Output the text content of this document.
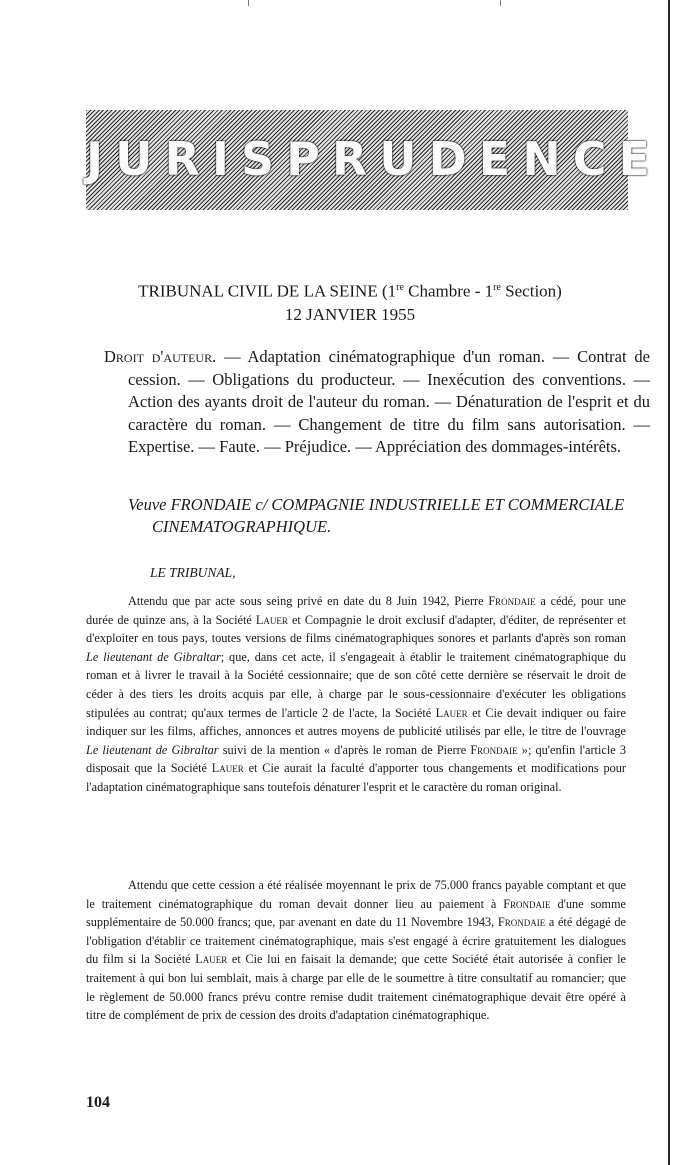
JURISPRUDENCE
TRIBUNAL CIVIL DE LA SEINE (1re Chambre - 1re Section)
12 JANVIER 1955
Droit d'auteur. — Adaptation cinématographique d'un roman. — Contrat de cession. — Obligations du producteur. — Inexécution des conventions. — Action des ayants droit de l'auteur du roman. — Dénaturation de l'esprit et du caractère du roman. — Changement de titre du film sans autorisation. — Expertise. — Faute. — Préjudice. — Appréciation des dommages-intérêts.
Veuve FRONDAIE c/ COMPAGNIE INDUSTRIELLE ET COMMERCIALE CINEMATOGRAPHIQUE.
LE TRIBUNAL,
Attendu que par acte sous seing privé en date du 8 Juin 1942, Pierre Frondaie a cédé, pour une durée de quinze ans, à la Société Lauer et Compagnie le droit exclusif d'adapter, d'éditer, de représenter et d'exploiter en tous pays, toutes versions de films cinématographiques sonores et parlants d'après son roman Le lieutenant de Gibraltar; que, dans cet acte, il s'engageait à établir le traitement cinématographique du roman et à livrer le travail à la Société cessionnaire; que de son côté cette dernière se réservait le droit de céder à des tiers les droits acquis par elle, à charge par le sous-cessionnaire d'exécuter les obligations stipulées au contrat; qu'aux termes de l'article 2 de l'acte, la Société Lauer et Cie devait indiquer ou faire indiquer sur les films, affiches, annonces et autres moyens de publicité utilisés par elle, le titre de l'ouvrage Le lieutenant de Gibraltar suivi de la mention « d'après le roman de Pierre Frondaie »; qu'enfin l'article 3 disposait que la Société Lauer et Cie aurait la faculté d'apporter tous changements et modifications pour l'adaptation cinématographique sans toutefois dénaturer l'esprit et le caractère du roman original.
Attendu que cette cession a été réalisée moyennant le prix de 75.000 francs payable comptant et que le traitement cinématographique du roman devait donner lieu au paiement à Frondaie d'une somme supplémentaire de 50.000 francs; que, par avenant en date du 11 Novembre 1943, Frondaie a été dégagé de l'obligation d'établir ce traitement cinématographique, mais s'est engagé à écrire gratuitement les dialogues du film si la Société Lauer et Cie lui en faisait la demande; que cette Société était autorisée à confier le traitement à qui bon lui semblait, mais à charge par elle de le soumettre à titre consultatif au romancier; que le règlement de 50.000 francs prévu contre remise dudit traitement cinématographique devait être opéré à titre de complément de prix de cession des droits d'adaptation cinématographique.
104
